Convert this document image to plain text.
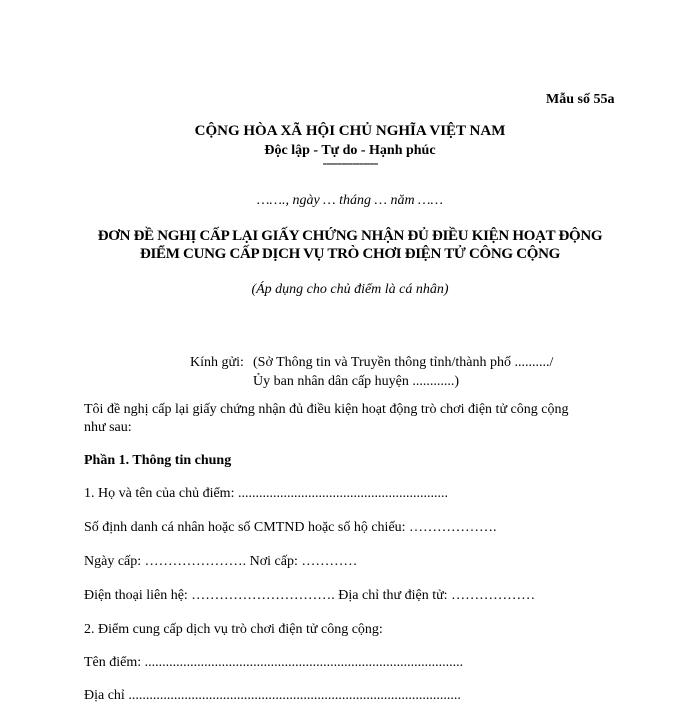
Mẫu số 55a
CỘNG HÒA XÃ HỘI CHỦ NGHĨA VIỆT NAM
Độc lập - Tự do - Hạnh phúc
---------------
……., ngày … tháng … năm ……
ĐƠN ĐỀ NGHỊ CẤP LẠI GIẤY CHỨNG NHẬN ĐỦ ĐIỀU KIỆN HOẠT ĐỘNG
ĐIỂM CUNG CẤP DỊCH VỤ TRÒ CHƠI ĐIỆN TỬ CÔNG CỘNG
(Áp dụng cho chủ điểm là cá nhân)
Kính gửi: (Sở Thông tin và Truyền thông tỉnh/thành phố ........../
Ủy ban nhân dân cấp huyện ............)
Tôi đề nghị cấp lại giấy chứng nhận đủ điều kiện hoạt động trò chơi điện tử công cộng
như sau:
Phần 1. Thông tin chung
1. Họ và tên của chủ điểm: ............................................................
Số định danh cá nhân hoặc số CMTND hoặc số hộ chiếu: ……………….
Ngày cấp: …………………. Nơi cấp: …………
Điện thoại liên hệ: …………………………. Địa chỉ thư điện tử: ………………
2. Điểm cung cấp dịch vụ trò chơi điện tử công cộng:
Tên điểm: ...........................................................................................
Địa chỉ ...............................................................................................
